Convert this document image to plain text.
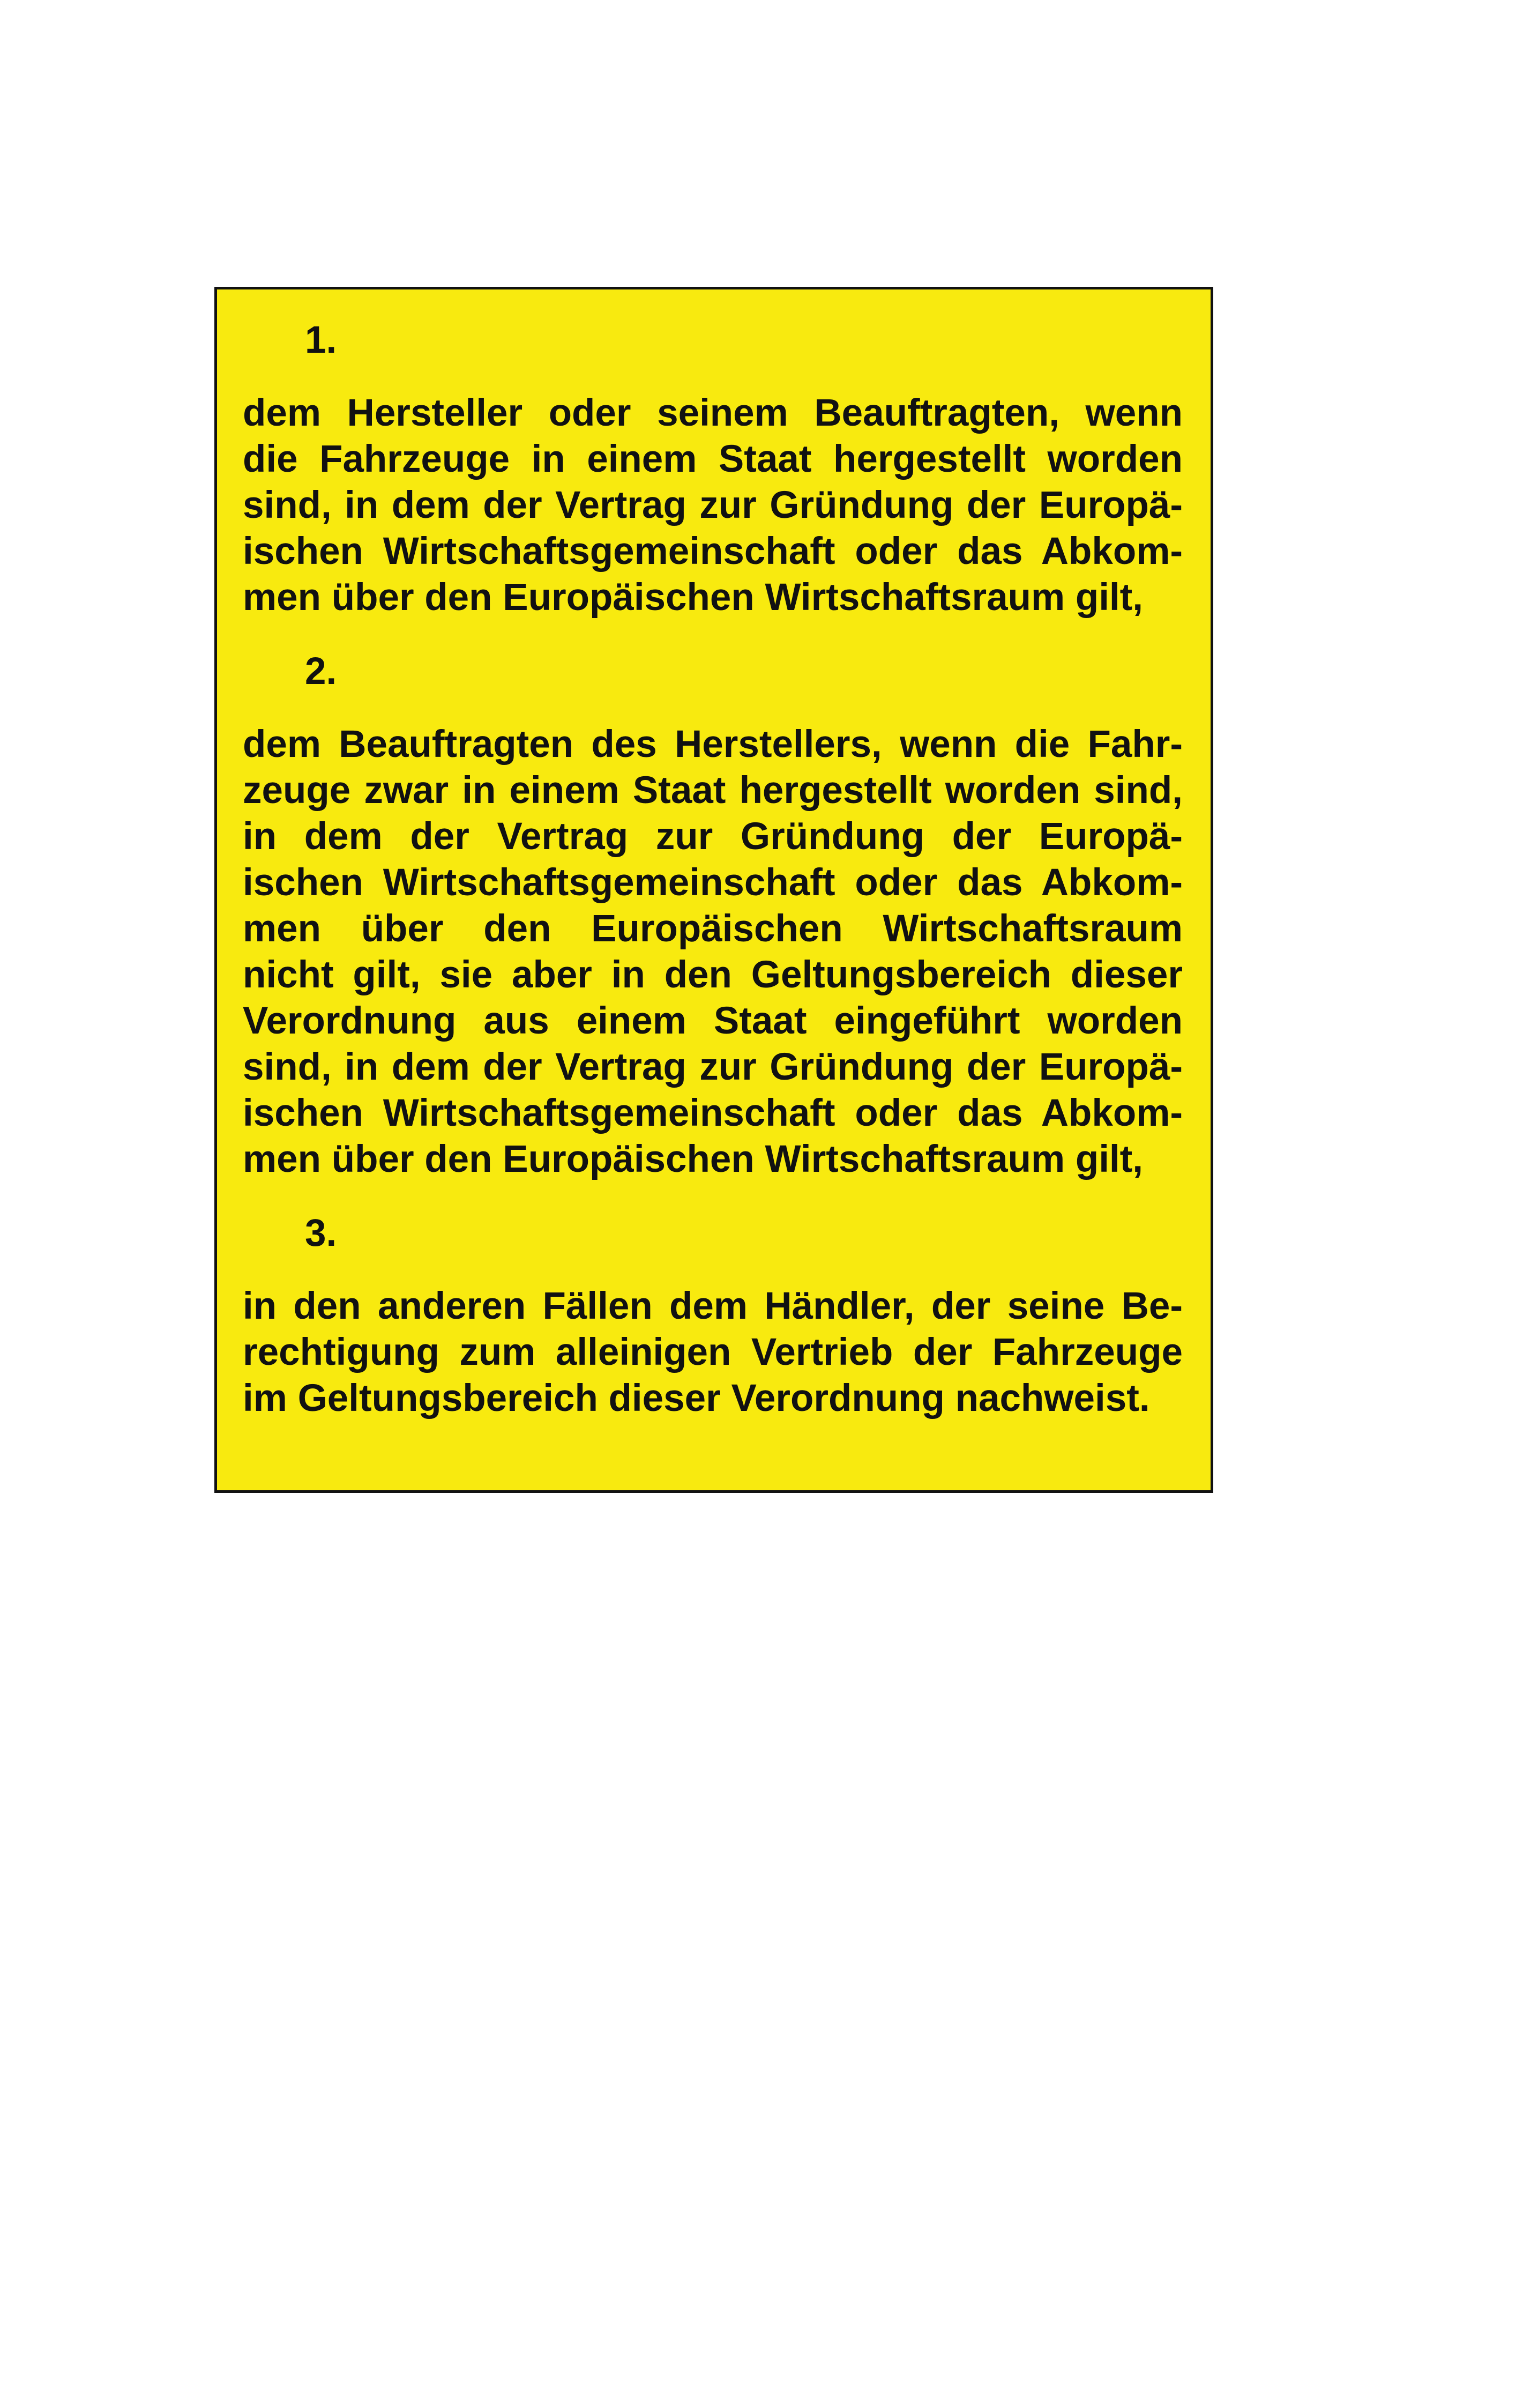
1.

dem Hersteller oder seinem Beauftragten, wenn
die Fahrzeuge in einem Staat hergestellt worden
sind, in dem der Vertrag zur Gründung der Europä-
ischen Wirtschaftsgemeinschaft oder das Abkom-
men über den Europäischen Wirtschaftsraum gilt,

2.

dem Beauftragten des Herstellers, wenn die Fahr-
zeuge zwar in einem Staat hergestellt worden sind,
in dem der Vertrag zur Gründung der Europä-
ischen Wirtschaftsgemeinschaft oder das Abkom-
men über den Europäischen Wirtschaftsraum
nicht gilt, sie aber in den Geltungsbereich dieser
Verordnung aus einem Staat eingeführt worden
sind, in dem der Vertrag zur Gründung der Europä-
ischen Wirtschaftsgemeinschaft oder das Abkom-
men über den Europäischen Wirtschaftsraum gilt,

3.

in den anderen Fällen dem Händler, der seine Be-
rechtigung zum alleinigen Vertrieb der Fahrzeuge
im Geltungsbereich dieser Verordnung nachweist.
